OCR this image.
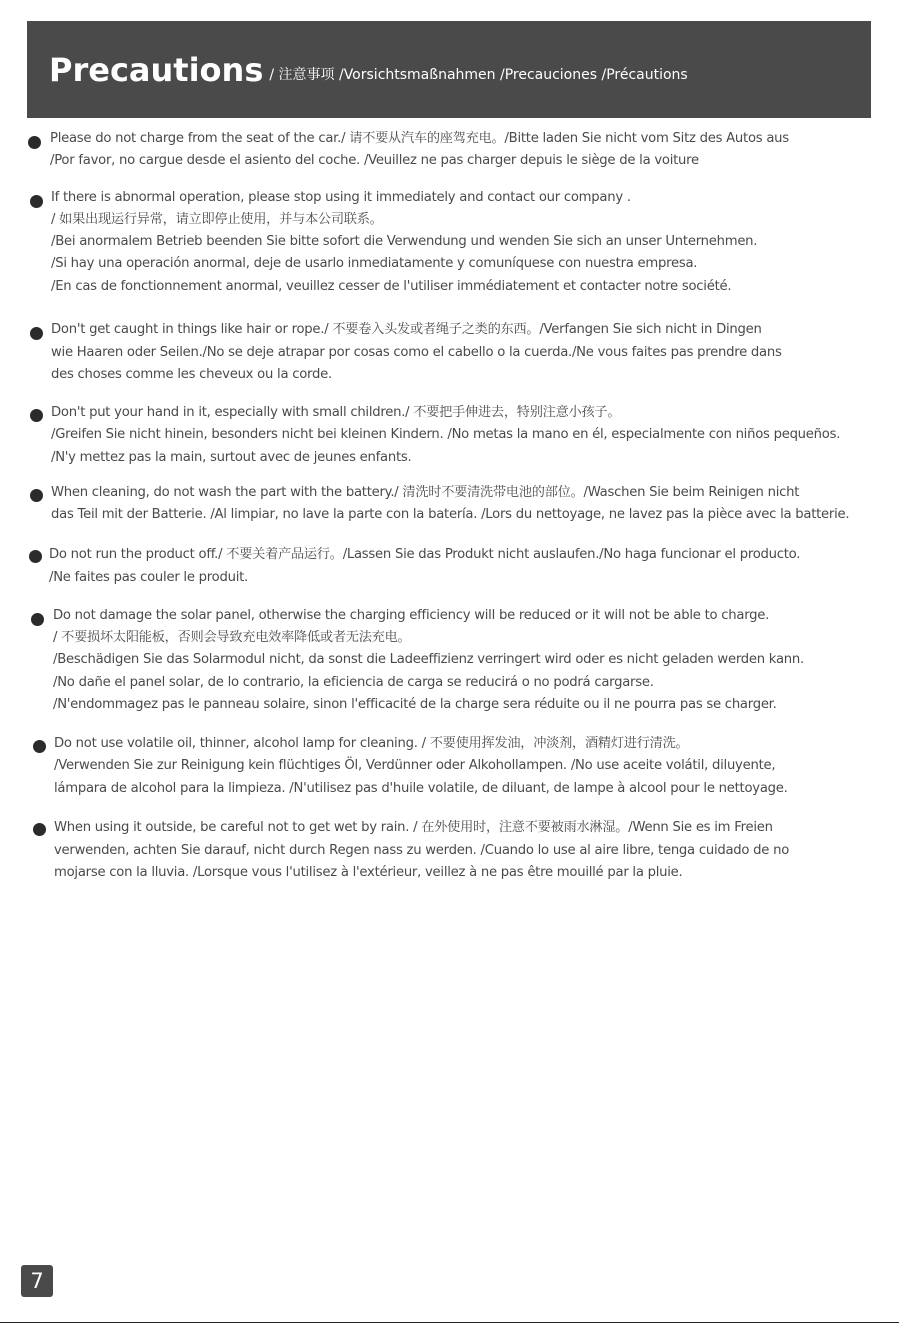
Precautions / 注意事项 /Vorsichtsmaßnahmen /Precauciones /Précautions
Please do not charge from the seat of the car./ 请不要从汽车的座驾充电。/Bitte laden Sie nicht vom Sitz des Autos aus
/Por favor, no cargue desde el asiento del coche. /Veuillez ne pas charger depuis le siège de la voiture
If there is abnormal operation, please stop using it immediately and contact our company .
/ 如果出现运行异常，请立即停止使用，并与本公司联系。
/Bei anormalem Betrieb beenden Sie bitte sofort die Verwendung und wenden Sie sich an unser Unternehmen.
/Si hay una operación anormal, deje de usarlo inmediatamente y comuníquese con nuestra empresa.
/En cas de fonctionnement anormal, veuillez cesser de l'utiliser immédiatement et contacter notre société.
Don't get caught in things like hair or rope./ 不要卷入头发或者绳子之类的东西。/Verfangen Sie sich nicht in Dingen
wie Haaren oder Seilen./No se deje atrapar por cosas como el cabello o la cuerda./Ne vous faites pas prendre dans
des choses comme les cheveux ou la corde.
Don't put your hand in it, especially with small children./ 不要把手伸进去，特别注意小孩子。
/Greifen Sie nicht hinein, besonders nicht bei kleinen Kindern. /No metas la mano en él, especialmente con niños pequeños.
/N'y mettez pas la main, surtout avec de jeunes enfants.
When cleaning, do not wash the part with the battery./ 清洗时不要清洗带电池的部位。/Waschen Sie beim Reinigen nicht
das Teil mit der Batterie. /Al limpiar, no lave la parte con la batería. /Lors du nettoyage, ne lavez pas la pièce avec la batterie.
Do not run the product off./ 不要关着产品运行。/Lassen Sie das Produkt nicht auslaufen./No haga funcionar el producto.
/Ne faites pas couler le produit.
Do not damage the solar panel, otherwise the charging efficiency will be reduced or it will not be able to charge.
/ 不要损坏太阳能板，否则会导致充电效率降低或者无法充电。
/Beschädigen Sie das Solarmodul nicht, da sonst die Ladeeffizienz verringert wird oder es nicht geladen werden kann.
/No dañe el panel solar, de lo contrario, la eficiencia de carga se reducirá o no podrá cargarse.
/N'endommagez pas le panneau solaire, sinon l'efficacité de la charge sera réduite ou il ne pourra pas se charger.
Do not use volatile oil, thinner, alcohol lamp for cleaning. / 不要使用挥发油，冲淡剂，酒精灯进行清洗。
/Verwenden Sie zur Reinigung kein flüchtiges Öl, Verdünner oder Alkohollampen. /No use aceite volátil, diluyente,
lámpara de alcohol para la limpieza. /N'utilisez pas d'huile volatile, de diluant, de lampe à alcool pour le nettoyage.
When using it outside, be careful not to get wet by rain. / 在外使用时，注意不要被雨水淋湿。/Wenn Sie es im Freien
verwenden, achten Sie darauf, nicht durch Regen nass zu werden. /Cuando lo use al aire libre, tenga cuidado de no
mojarse con la lluvia. /Lorsque vous l'utilisez à l'extérieur, veillez à ne pas être mouillé par la pluie.
7
